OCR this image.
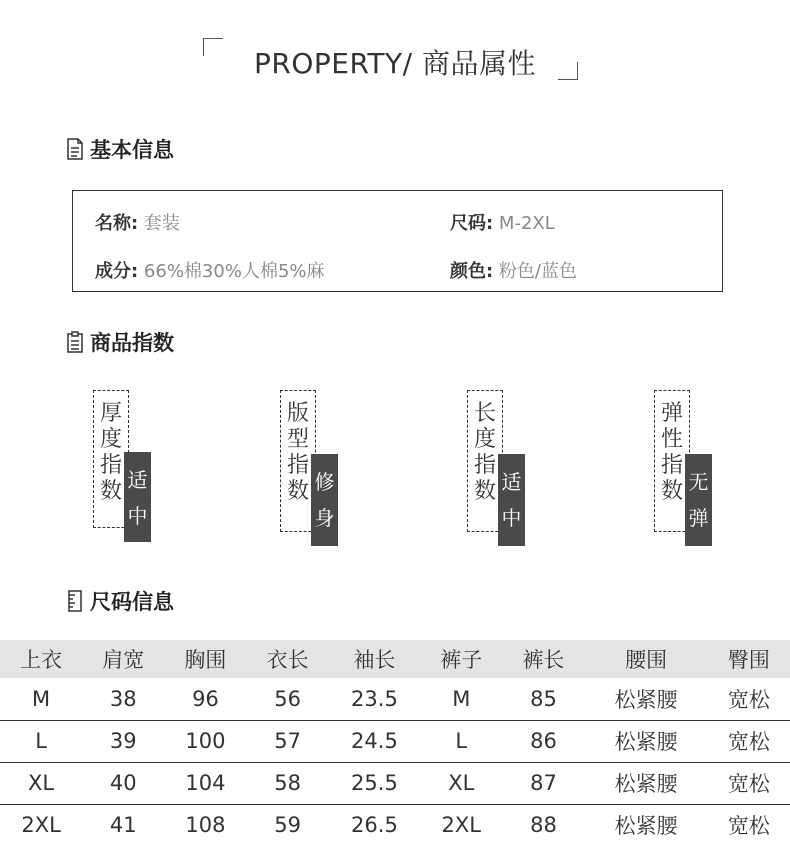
PROPERTY/ 商品属性
基本信息
名称: 套装	尺码: M-2XL
成分: 66%棉30%人棉5%麻	颜色: 粉色/蓝色
商品指数
厚度指数 适中
版型指数 修身
长度指数 适中
弹性指数 无弹
尺码信息
上衣	肩宽	胸围	衣长	袖长	裤子	裤长	腰围	臀围
M	38	96	56	23.5	M	85	松紧腰	宽松
L	39	100	57	24.5	L	86	松紧腰	宽松
XL	40	104	58	25.5	XL	87	松紧腰	宽松
2XL	41	108	59	26.5	2XL	88	松紧腰	宽松
